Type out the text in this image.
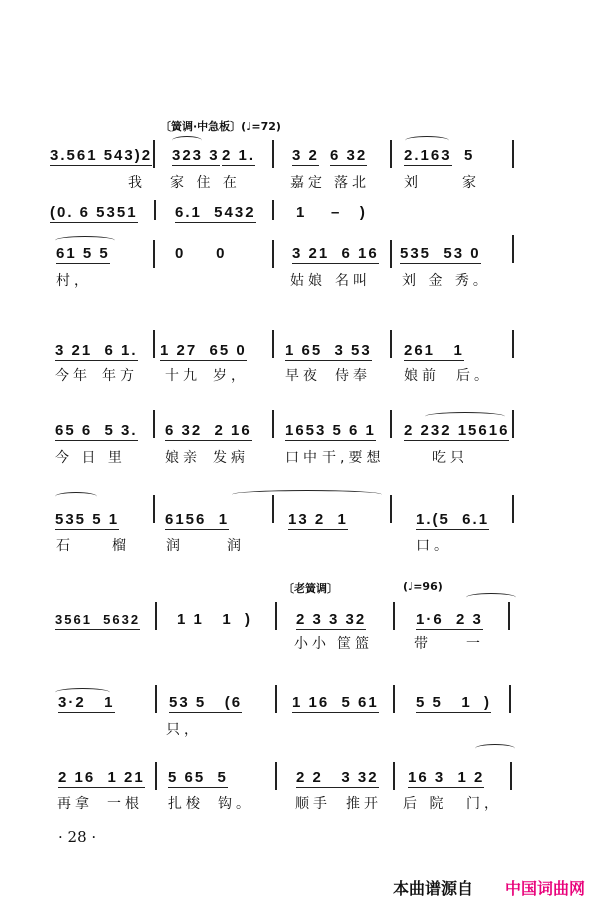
〔簧调·中急板〕(♩=72)
3.561 543)2 323 3 2 1. 3 2 6 32 2.163 5
我 家 住 在	嘉定 落北 刘	家
(0. 6 5351 6.1  5432	1    –   )
61 5 5	0     0	3 21  6 16 535  53 0
村，	姑娘 名叫 刘 金 秀。
3 21  6 1. 1 27  65 0	1 65  3 53 261   1
今年 年方 十九 岁，	早夜 侍奉 娘前 后。
65 6  5 3. 6 32  2 16 1653 5 6 1 2 232 15616
今 日 里	娘亲 发病	口中 干,要想	吃只
535 5 1	6156  1	13 2  1	1.(5  6.1
石	榴	润	润	口。
〔老簧调〕	(♩=96)
3561  5632 1 1   1  )	2 3 3 32	1·6  2 3
小小 筐篮	带 一
3·2   1	53 5   (6	1 16  5 61 5 5   1  )
只，
2 16  1 21 5 65  5	2 2   3 32 16 3  1 2
再拿 一根 扎梭 钩。	顺手 推开 后 院 门，
· 28 ·
本曲谱源自 中国词曲网
